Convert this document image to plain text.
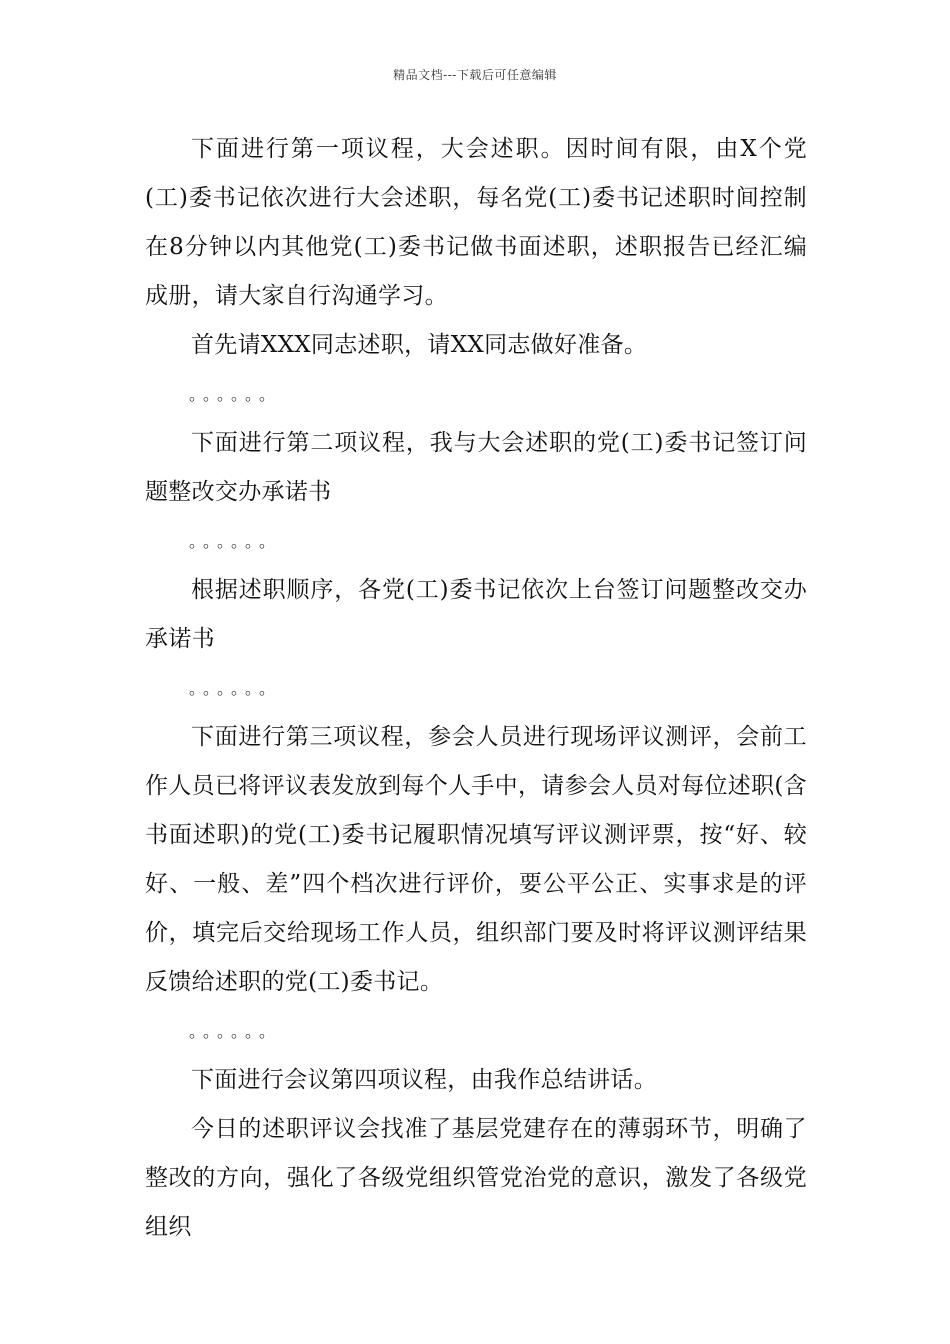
精品文档---下载后可任意编辑

下面进行第一项议程，大会述职。因时间有限，由X个党(工)委书记依次进行大会述职，每名党(工)委书记述职时间控制在8分钟以内其他党(工)委书记做书面述职，述职报告已经汇编成册，请大家自行沟通学习。

首先请XXX同志述职，请XX同志做好准备。

。。。。。。

下面进行第二项议程，我与大会述职的党(工)委书记签订问题整改交办承诺书

。。。。。。

根据述职顺序，各党(工)委书记依次上台签订问题整改交办承诺书

。。。。。。

下面进行第三项议程，参会人员进行现场评议测评，会前工作人员已将评议表发放到每个人手中，请参会人员对每位述职(含书面述职)的党(工)委书记履职情况填写评议测评票，按“好、较好、一般、差”四个档次进行评价，要公平公正、实事求是的评价，填完后交给现场工作人员，组织部门要及时将评议测评结果反馈给述职的党(工)委书记。

。。。。。。

下面进行会议第四项议程，由我作总结讲话。

今日的述职评议会找准了基层党建存在的薄弱环节，明确了整改的方向，强化了各级党组织管党治党的意识，激发了各级党组织
